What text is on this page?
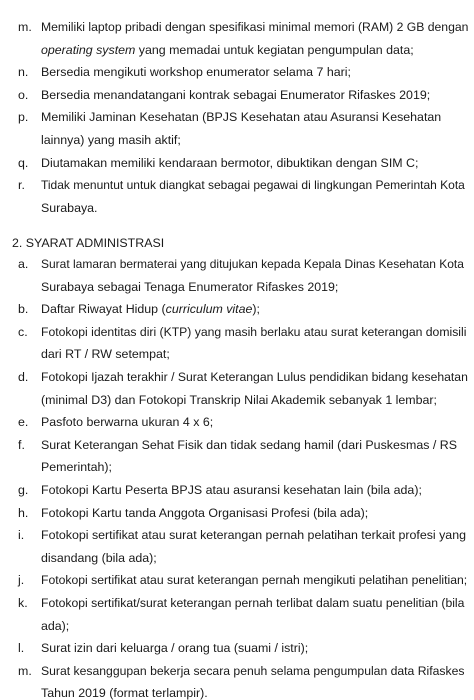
m. Memiliki laptop pribadi dengan spesifikasi minimal memori (RAM) 2 GB dengan
operating system yang memadai untuk kegiatan pengumpulan data;
n. Bersedia mengikuti workshop enumerator selama 7 hari;
o. Bersedia menandatangani kontrak sebagai Enumerator Rifaskes 2019;
p. Memiliki Jaminan Kesehatan (BPJS Kesehatan atau Asuransi Kesehatan
lainnya) yang masih aktif;
q. Diutamakan memiliki kendaraan bermotor, dibuktikan dengan SIM C;
r. Tidak menuntut untuk diangkat sebagai pegawai di lingkungan Pemerintah Kota
Surabaya.
2. SYARAT ADMINISTRASI
a. Surat lamaran bermaterai yang ditujukan kepada Kepala Dinas Kesehatan Kota
Surabaya sebagai Tenaga Enumerator Rifaskes 2019;
b. Daftar Riwayat Hidup (curriculum vitae);
c. Fotokopi identitas diri (KTP) yang masih berlaku atau surat keterangan domisili
dari RT / RW setempat;
d. Fotokopi Ijazah terakhir / Surat Keterangan Lulus pendidikan bidang kesehatan
(minimal D3) dan Fotokopi Transkrip Nilai Akademik sebanyak 1 lembar;
e. Pasfoto berwarna ukuran 4 x 6;
f. Surat Keterangan Sehat Fisik dan tidak sedang hamil (dari Puskesmas / RS
Pemerintah);
g. Fotokopi Kartu Peserta BPJS atau asuransi kesehatan lain (bila ada);
h. Fotokopi Kartu tanda Anggota Organisasi Profesi (bila ada);
i. Fotokopi sertifikat atau surat keterangan pernah pelatihan terkait profesi yang
disandang (bila ada);
j. Fotokopi sertifikat atau surat keterangan pernah mengikuti pelatihan penelitian;
k. Fotokopi sertifikat/surat keterangan pernah terlibat dalam suatu penelitian (bila
ada);
l. Surat izin dari keluarga / orang tua (suami / istri);
m. Surat kesanggupan bekerja secara penuh selama pengumpulan data Rifaskes
Tahun 2019 (format terlampir).
